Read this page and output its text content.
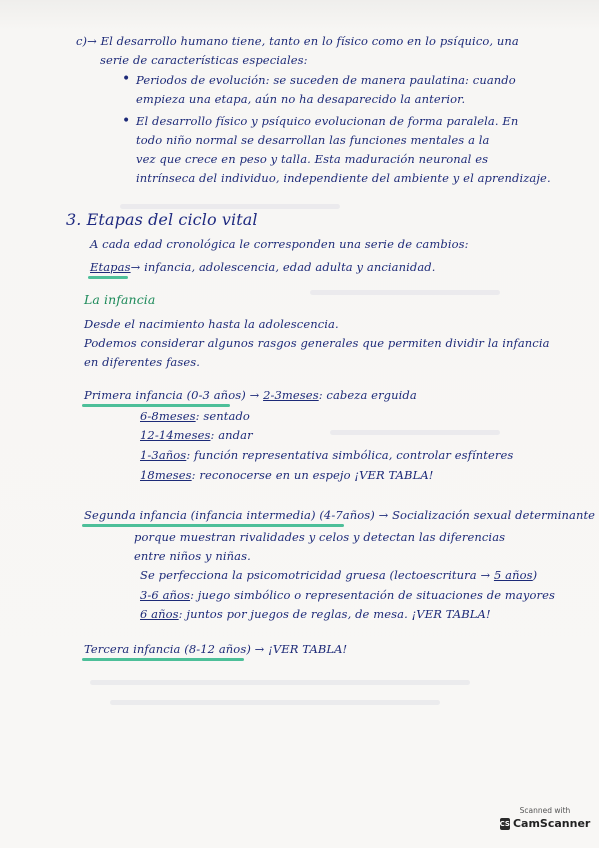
c)→ El desarrollo humano tiene, tanto en lo físico como en lo psíquico, una
serie de características especiales:
• Periodos de evolución: se suceden de manera paulatina: cuando
empieza una etapa, aún no ha desaparecido la anterior.
• El desarrollo físico y psíquico evolucionan de forma paralela. En
todo niño normal se desarrollan las funciones mentales a la
vez que crece en peso y talla. Esta maduración neuronal es
intrínseca del individuo, independiente del ambiente y el aprendizaje.
3. Etapas del ciclo vital
A cada edad cronológica le corresponden una serie de cambios:
Etapas→ infancia, adolescencia, edad adulta y ancianidad.
La infancia
Desde el nacimiento hasta la adolescencia.
Podemos considerar algunos rasgos generales que permiten dividir la infancia
en diferentes fases.
Primera infancia (0-3 años) → 2-3meses: cabeza erguida
6-8meses: sentado
12-14meses: andar
1-3años: función representativa simbólica, controlar esfínteres
18meses: reconocerse en un espejo ¡VER TABLA!
Segunda infancia (infancia intermedia) (4-7años) → Socialización sexual determinante
porque muestran rivalidades y celos y detectan las diferencias
entre niños y niñas.
Se perfecciona la psicomotricidad gruesa (lectoescritura → 5 años)
3-6 años: juego simbólico o representación de situaciones de mayores
6 años: juntos por juegos de reglas, de mesa. ¡VER TABLA!
Tercera infancia (8-12 años) → ¡VER TABLA!
Scanned with
CS CamScanner
